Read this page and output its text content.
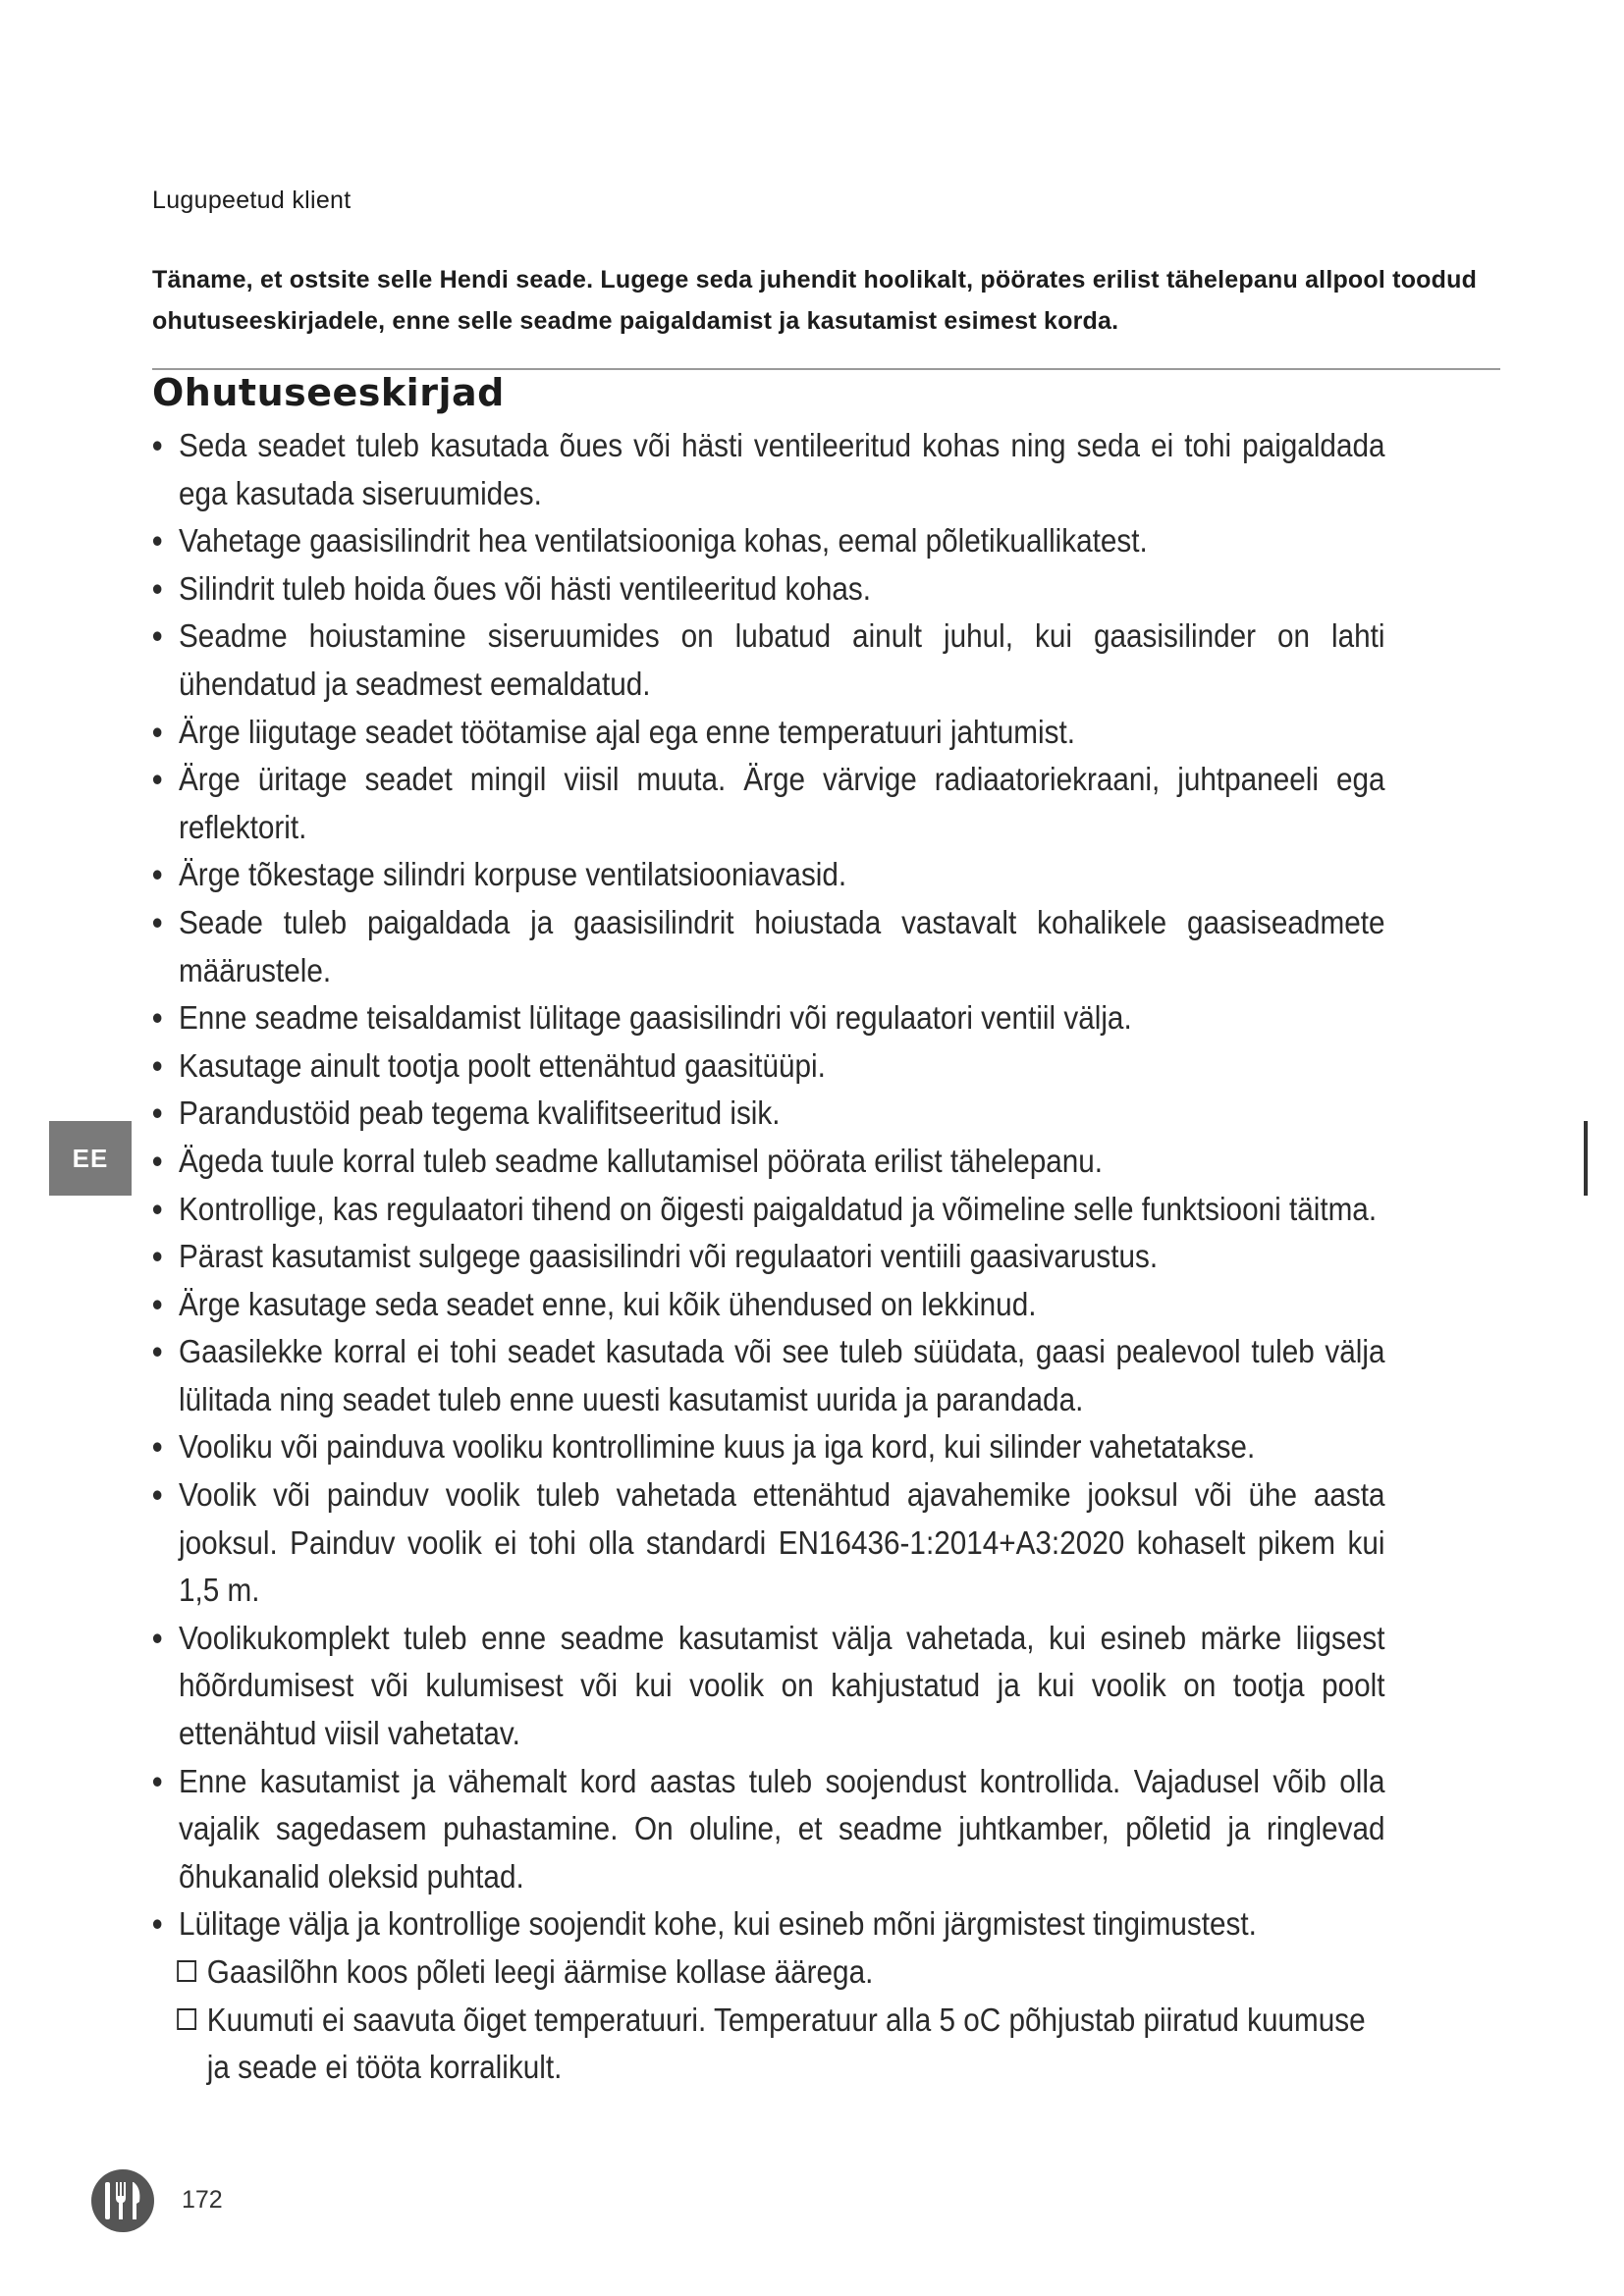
Lugupeetud klient
Täname, et ostsite selle Hendi seade. Lugege seda juhendit hoolikalt, pöörates erilist tähelepanu allpool toodud ohutuseeskirjadele, enne selle seadme paigaldamist ja kasutamist esimest korda.
Ohutuseeskirjad
• Seda seadet tuleb kasutada õues või hästi ventileeritud kohas ning seda ei tohi paigaldada ega kasutada siseruumides.
• Vahetage gaasisilindrit hea ventilatsiooniga kohas, eemal põletikuallikatest.
• Silindrit tuleb hoida õues või hästi ventileeritud kohas.
• Seadme hoiustamine siseruumides on lubatud ainult juhul, kui gaasisilinder on lahti ühendatud ja seadmest eemaldatud.
• Ärge liigutage seadet töötamise ajal ega enne temperatuuri jahtumist.
• Ärge üritage seadet mingil viisil muuta. Ärge värvige radiaatoriekraani, juhtpaneeli ega reflektorit.
• Ärge tõkestage silindri korpuse ventilatsiooniavasid.
• Seade tuleb paigaldada ja gaasisilindrit hoiustada vastavalt kohalikele gaasiseadmete määrustele.
• Enne seadme teisaldamist lülitage gaasisilindri või regulaatori ventiil välja.
• Kasutage ainult tootja poolt ettenähtud gaasitüüpi.
• Parandustöid peab tegema kvalifitseeritud isik.
• Ägeda tuule korral tuleb seadme kallutamisel pöörata erilist tähelepanu.
• Kontrollige, kas regulaatori tihend on õigesti paigaldatud ja võimeline selle funktsiooni täitma.
• Pärast kasutamist sulgege gaasisilindri või regulaatori ventiili gaasivarustus.
• Ärge kasutage seda seadet enne, kui kõik ühendused on lekkinud.
• Gaasilekke korral ei tohi seadet kasutada või see tuleb süüdata, gaasi pealevool tuleb välja lülitada ning seadet tuleb enne uuesti kasutamist uurida ja parandada.
• Vooliku või painduva vooliku kontrollimine kuus ja iga kord, kui silinder vahetatakse.
• Voolik või painduv voolik tuleb vahetada ettenähtud ajavahemike jooksul või ühe aasta jooksul. Painduv voolik ei tohi olla standardi EN16436-1:2014+A3:2020 kohaselt pikem kui 1,5 m.
• Voolikukomplekt tuleb enne seadme kasutamist välja vahetada, kui esineb märke liigsest hõõrdumisest või kulumisest või kui voolik on kahjustatud ja kui voolik on tootja poolt ettenähtud viisil vahetatav.
• Enne kasutamist ja vähemalt kord aastas tuleb soojendust kontrollida. Vajadusel võib olla vajalik sagedasem puhastamine. On oluline, et seadme juhtkamber, põletid ja ringlevad õhukanalid oleksid puhtad.
• Lülitage välja ja kontrollige soojendit kohe, kui esineb mõni järgmistest tingimustest.
Gaasilõhn koos põleti leegi äärmise kollase äärega.
Kuumuti ei saavuta õiget temperatuuri. Temperatuur alla 5 oC põhjustab piiratud kuumuse ja seade ei tööta korralikult.
EE
172
